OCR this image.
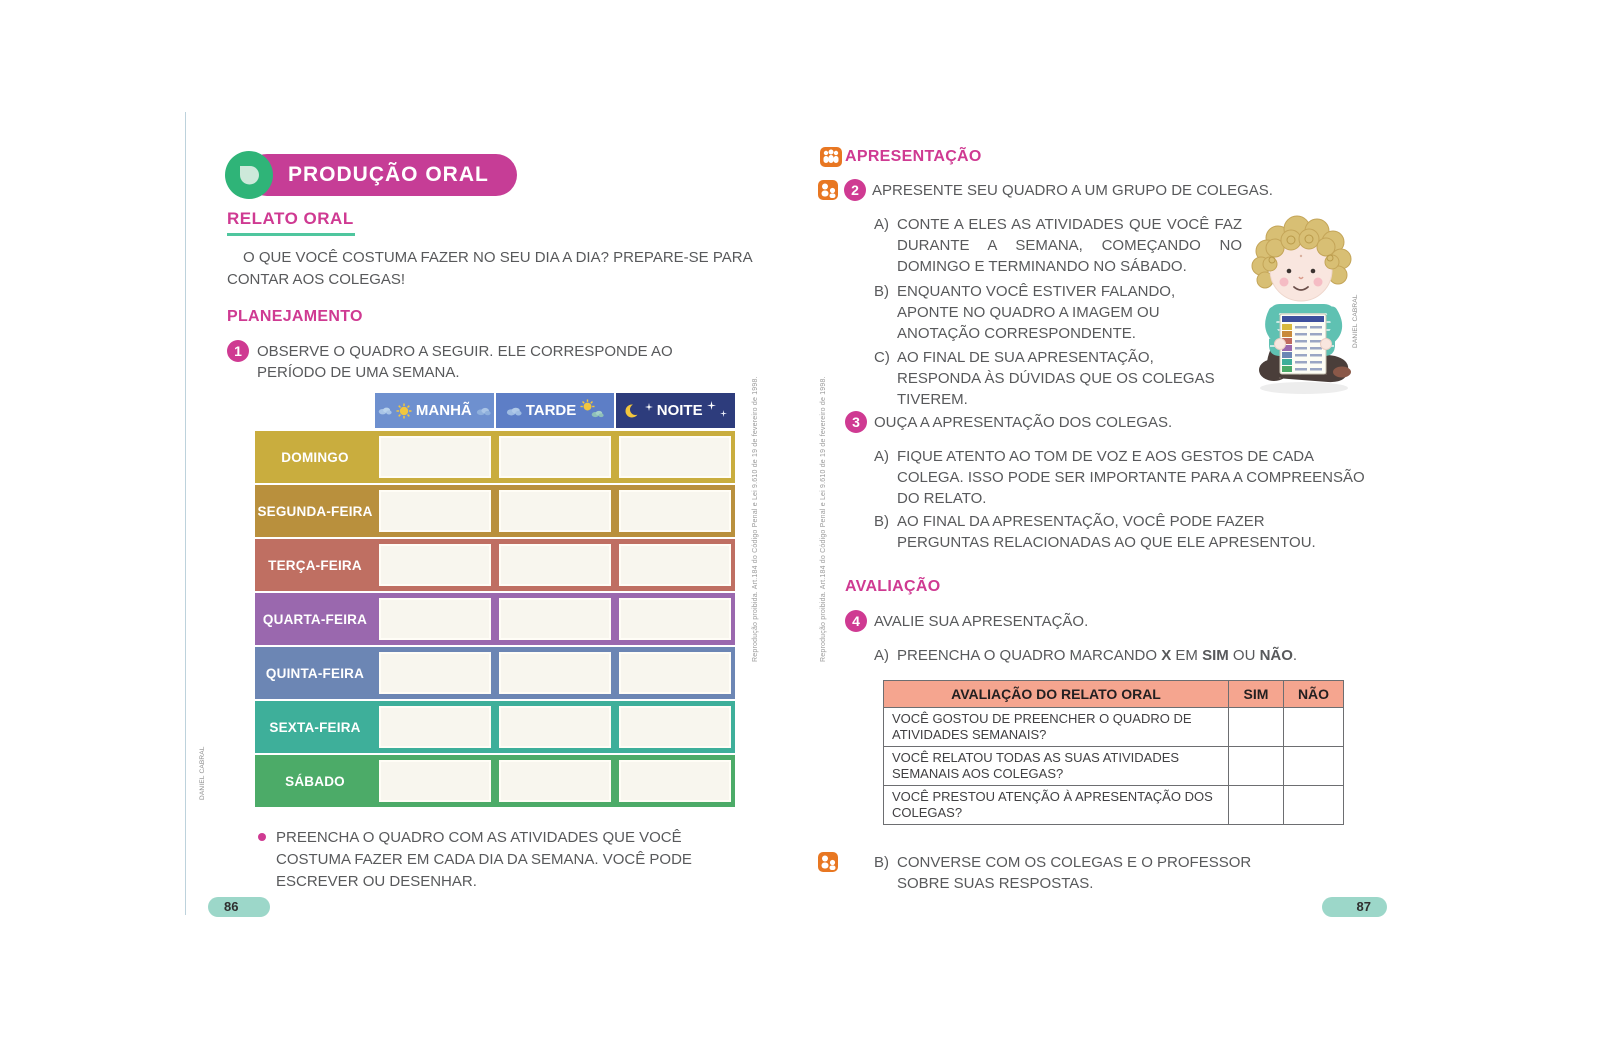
PRODUÇÃO ORAL
RELATO ORAL
O QUE VOCÊ COSTUMA FAZER NO SEU DIA A DIA? PREPARE-SE PARA CONTAR AOS COLEGAS!
PLANEJAMENTO
1	OBSERVE O QUADRO A SEGUIR. ELE CORRESPONDE AO PERÍODO DE UMA SEMANA.
MANHÃ	TARDE	NOITE
DOMINGO
SEGUNDA-FEIRA
TERÇA-FEIRA
QUARTA-FEIRA
QUINTA-FEIRA
SEXTA-FEIRA
SÁBADO
PREENCHA O QUADRO COM AS ATIVIDADES QUE VOCÊ COSTUMA FAZER EM CADA DIA DA SEMANA. VOCÊ PODE ESCREVER OU DESENHAR.
86
DANIEL CABRAL
Reprodução proibida. Art.184 do Código Penal e Lei 9.610 de 19 de fevereiro de 1998.
APRESENTAÇÃO
2 APRESENTE SEU QUADRO A UM GRUPO DE COLEGAS.
A) CONTE A ELES AS ATIVIDADES QUE VOCÊ FAZ DURANTE A SEMANA, COMEÇANDO NO DOMINGO E TERMINANDO NO SÁBADO.
B) ENQUANTO VOCÊ ESTIVER FALANDO, APONTE NO QUADRO A IMAGEM OU ANOTAÇÃO CORRESPONDENTE.
C) AO FINAL DE SUA APRESENTAÇÃO, RESPONDA ÀS DÚVIDAS QUE OS COLEGAS TIVEREM.
DANIEL CABRAL
3 OUÇA A APRESENTAÇÃO DOS COLEGAS.
A) FIQUE ATENTO AO TOM DE VOZ E AOS GESTOS DE CADA COLEGA. ISSO PODE SER IMPORTANTE PARA A COMPREENSÃO DO RELATO.
B) AO FINAL DA APRESENTAÇÃO, VOCÊ PODE FAZER PERGUNTAS RELACIONADAS AO QUE ELE APRESENTOU.
AVALIAÇÃO
4 AVALIE SUA APRESENTAÇÃO.
A) PREENCHA O QUADRO MARCANDO X EM SIM OU NÃO.
AVALIAÇÃO DO RELATO ORAL	SIM	NÃO
VOCÊ GOSTOU DE PREENCHER O QUADRO DE ATIVIDADES SEMANAIS?		
VOCÊ RELATOU TODAS AS SUAS ATIVIDADES SEMANAIS AOS COLEGAS?		
VOCÊ PRESTOU ATENÇÃO À APRESENTAÇÃO DOS COLEGAS?		
B) CONVERSE COM OS COLEGAS E O PROFESSOR SOBRE SUAS RESPOSTAS.
87
Reprodução proibida. Art.184 do Código Penal e Lei 9.610 de 19 de fevereiro de 1998.
